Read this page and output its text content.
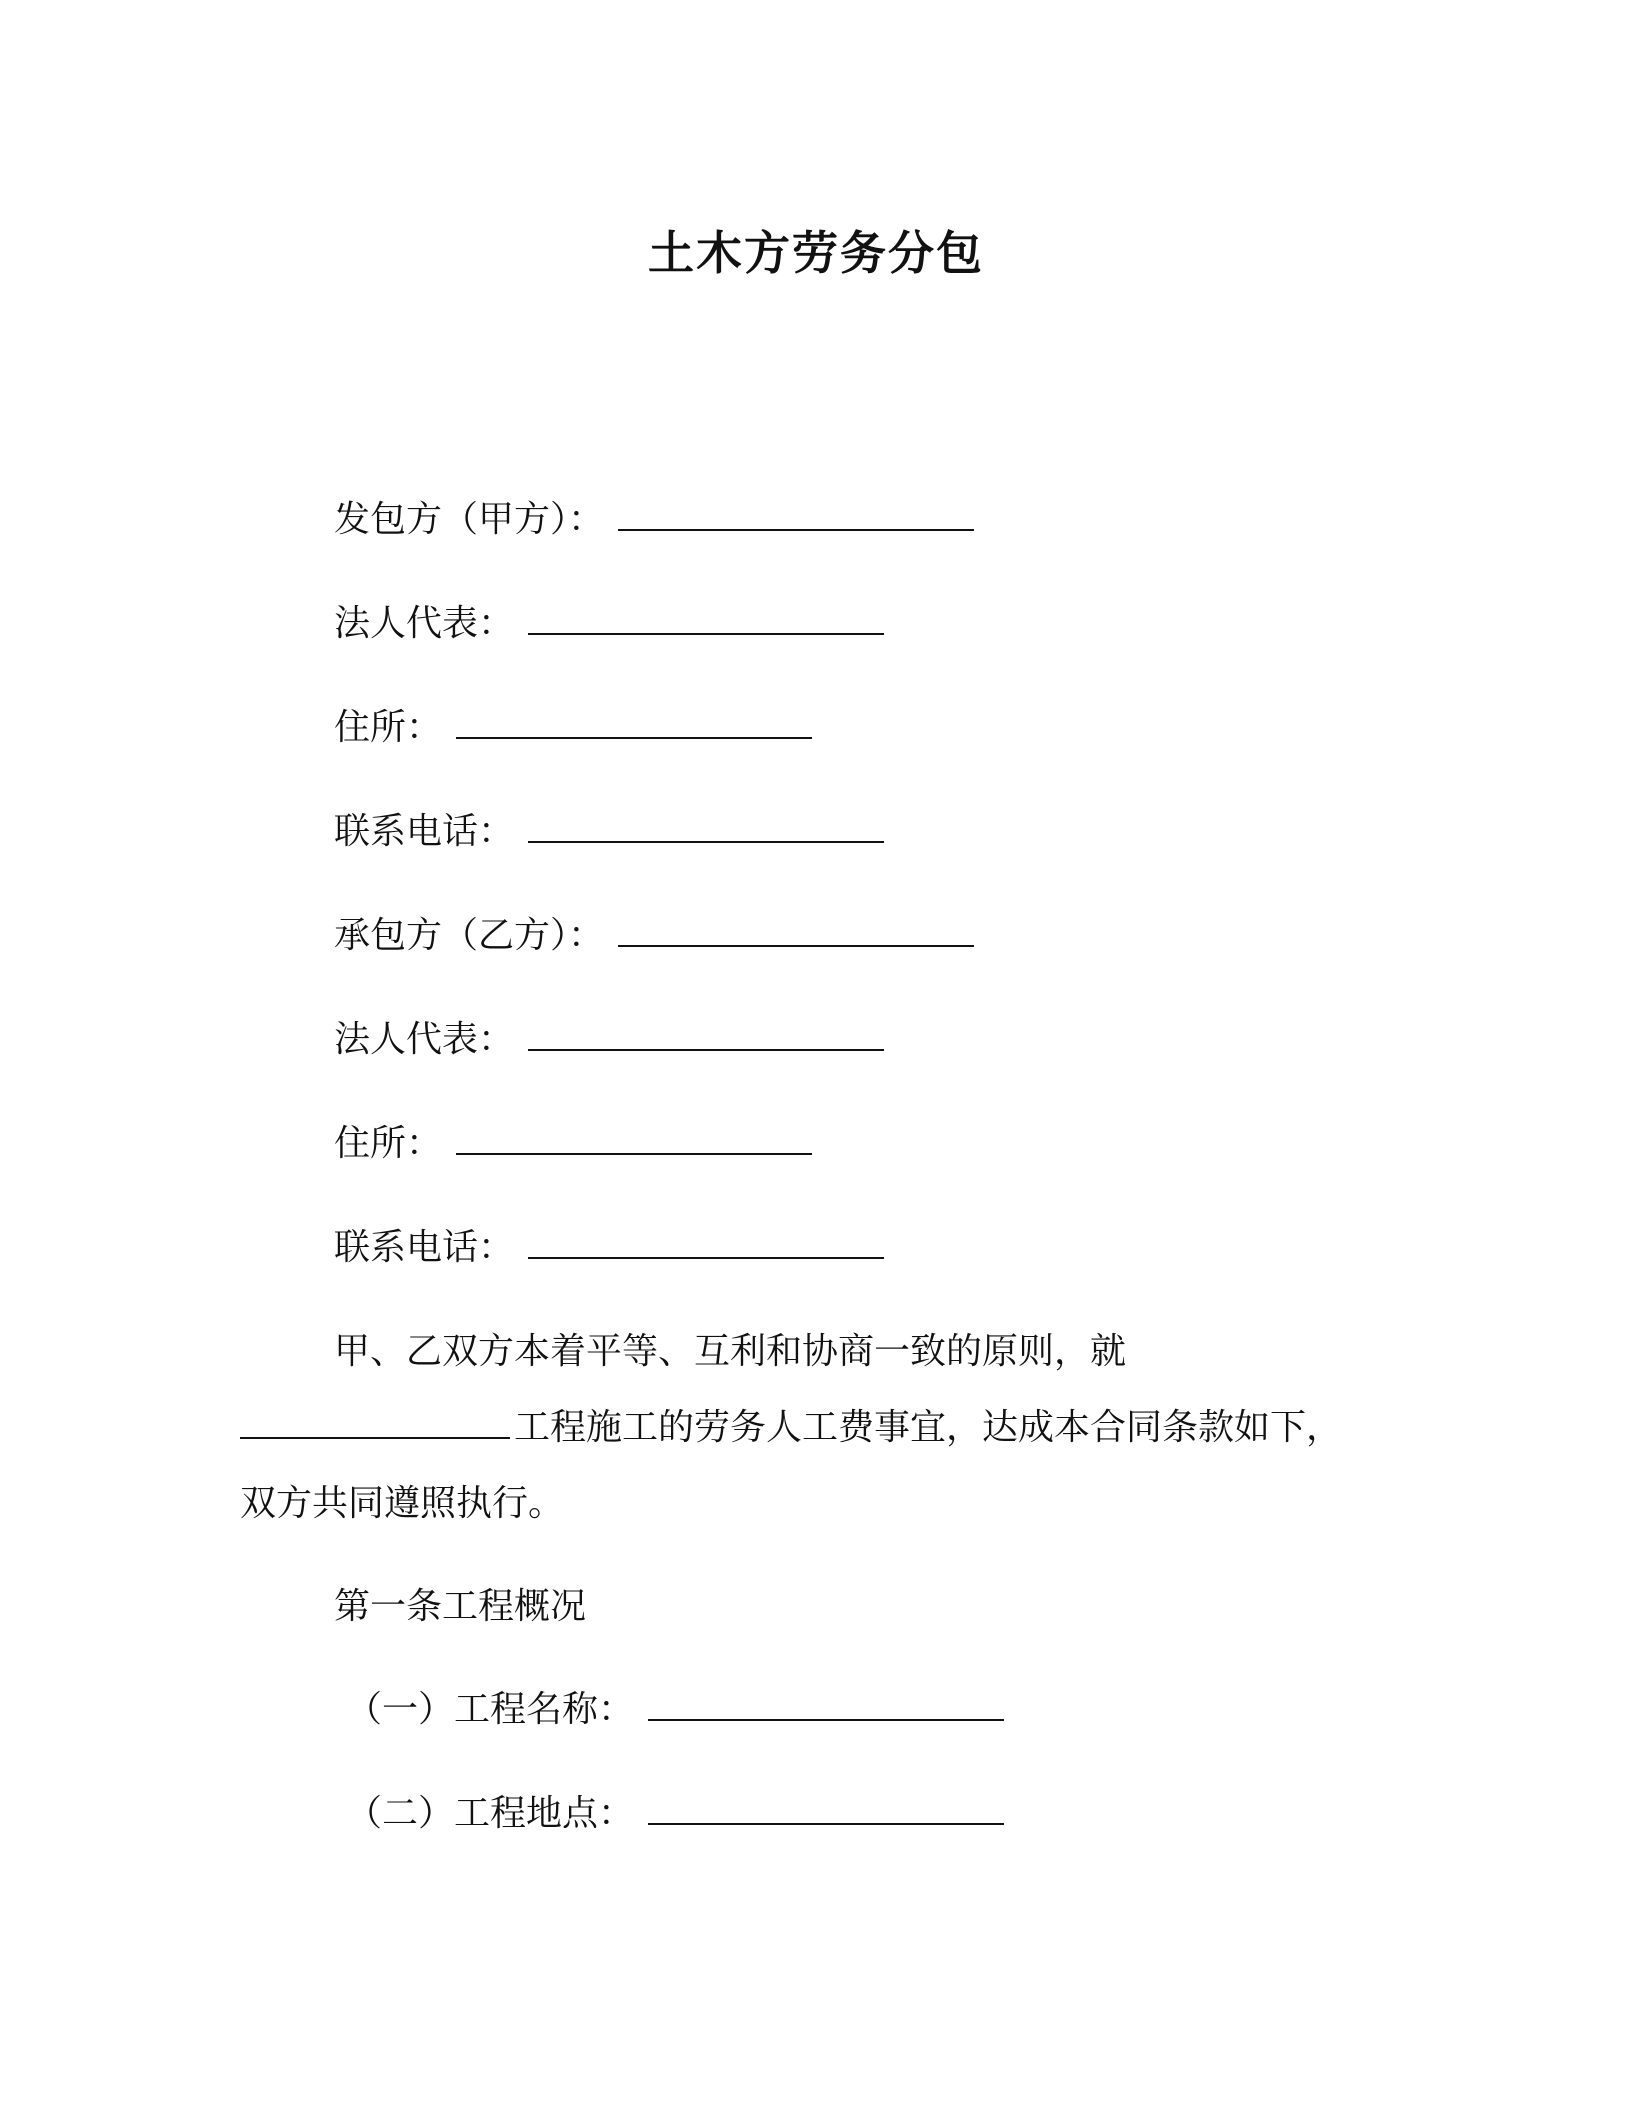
土木方劳务分包
发包方（甲方）：
法人代表：
住所：
联系电话：
承包方（乙方）：
法人代表：
住所：
联系电话：
甲、乙双方本着平等、互利和协商一致的原则，就
工程施工的劳务人工费事宜，达成本合同条款如下，
双方共同遵照执行。
第一条工程概况
（一）工程名称：
（二）工程地点：
